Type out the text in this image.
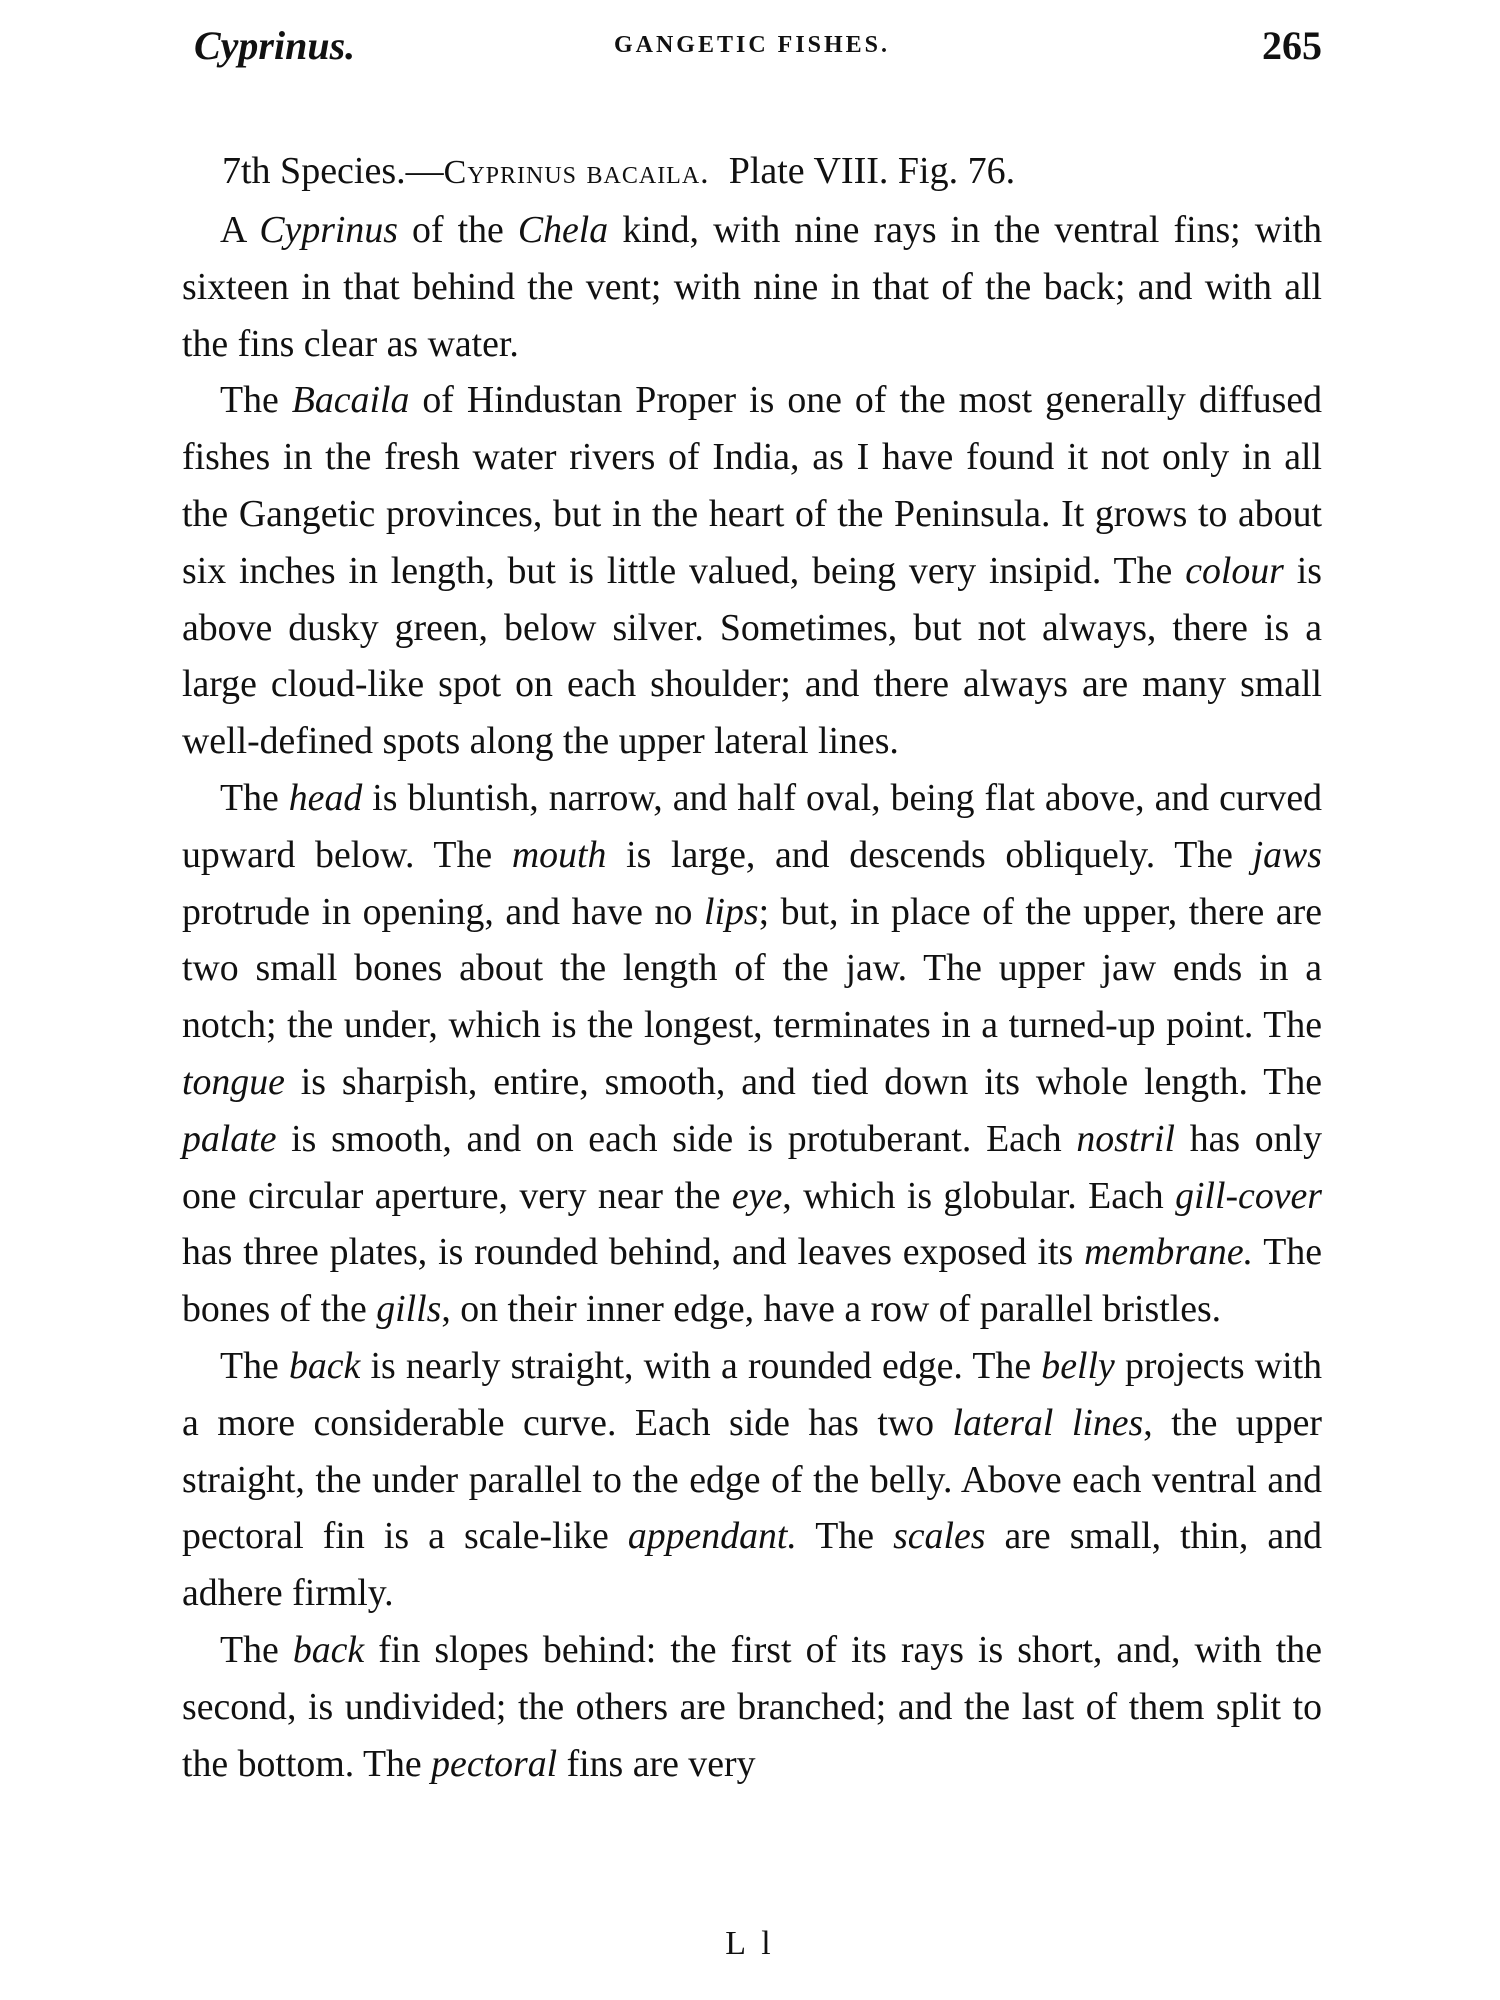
Cyprinus.	GANGETIC FISHES.	265
7th Species.—Cyprinus bacaila. Plate VIII. Fig. 76.

A Cyprinus of the Chela kind, with nine rays in the ventral fins; with sixteen in that behind the vent; with nine in that of the back; and with all the fins clear as water.

The Bacaila of Hindustan Proper is one of the most generally diffused fishes in the fresh water rivers of India, as I have found it not only in all the Gangetic provinces, but in the heart of the Peninsula. It grows to about six inches in length, but is little valued, being very insipid. The colour is above dusky green, below silver. Sometimes, but not always, there is a large cloud-like spot on each shoulder; and there always are many small well-defined spots along the upper lateral lines.

The head is bluntish, narrow, and half oval, being flat above, and curved upward below. The mouth is large, and descends obliquely. The jaws protrude in opening, and have no lips; but, in place of the upper, there are two small bones about the length of the jaw. The upper jaw ends in a notch; the under, which is the longest, terminates in a turned-up point. The tongue is sharpish, entire, smooth, and tied down its whole length. The palate is smooth, and on each side is protuberant. Each nostril has only one circular aperture, very near the eye, which is globular. Each gill-cover has three plates, is rounded behind, and leaves exposed its membrane. The bones of the gills, on their inner edge, have a row of parallel bristles.

The back is nearly straight, with a rounded edge. The belly projects with a more considerable curve. Each side has two lateral lines, the upper straight, the under parallel to the edge of the belly. Above each ventral and pectoral fin is a scale-like appendant. The scales are small, thin, and adhere firmly.

The back fin slopes behind: the first of its rays is short, and, with the second, is undivided; the others are branched; and the last of them split to the bottom. The pectoral fins are very

L l
